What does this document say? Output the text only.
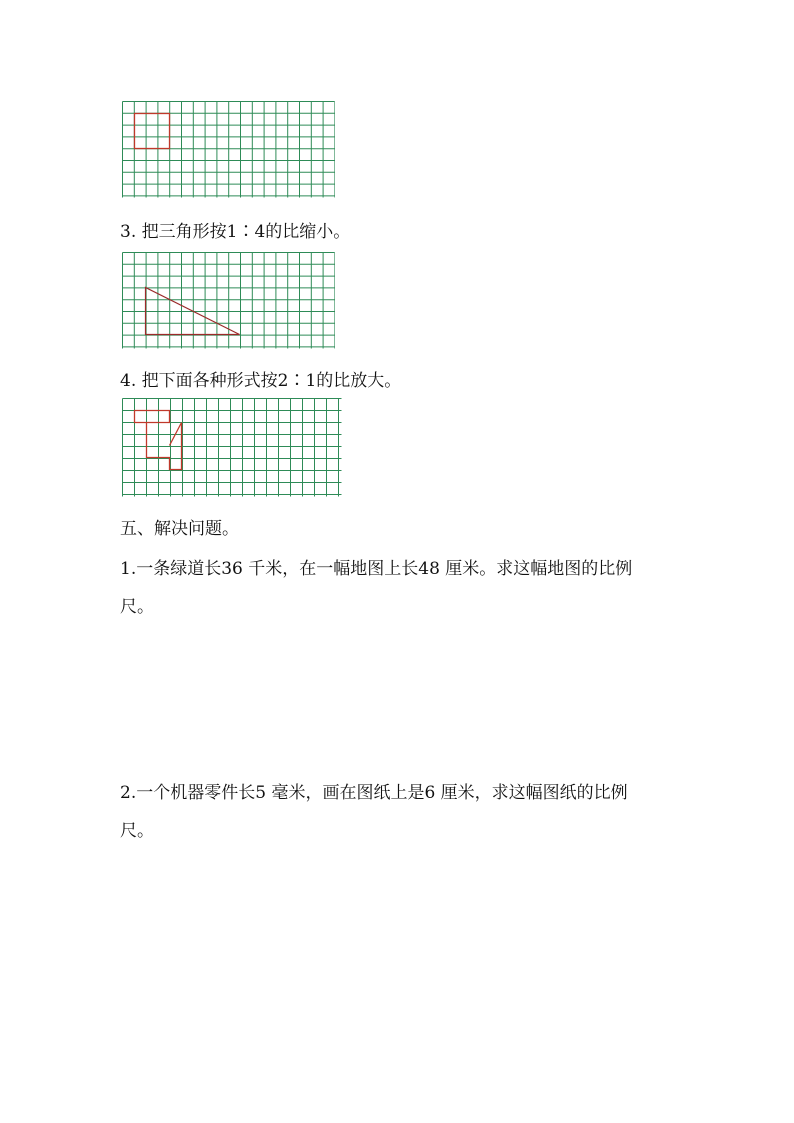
3. 把三角形按1∶4的比缩小。
4. 把下面各种形式按2∶1的比放大。
五、解决问题。
1.一条绿道长36 千米，在一幅地图上长48 厘米。求这幅地图的比例
尺。
2.一个机器零件长5 毫米，画在图纸上是6 厘米，求这幅图纸的比例
尺。
